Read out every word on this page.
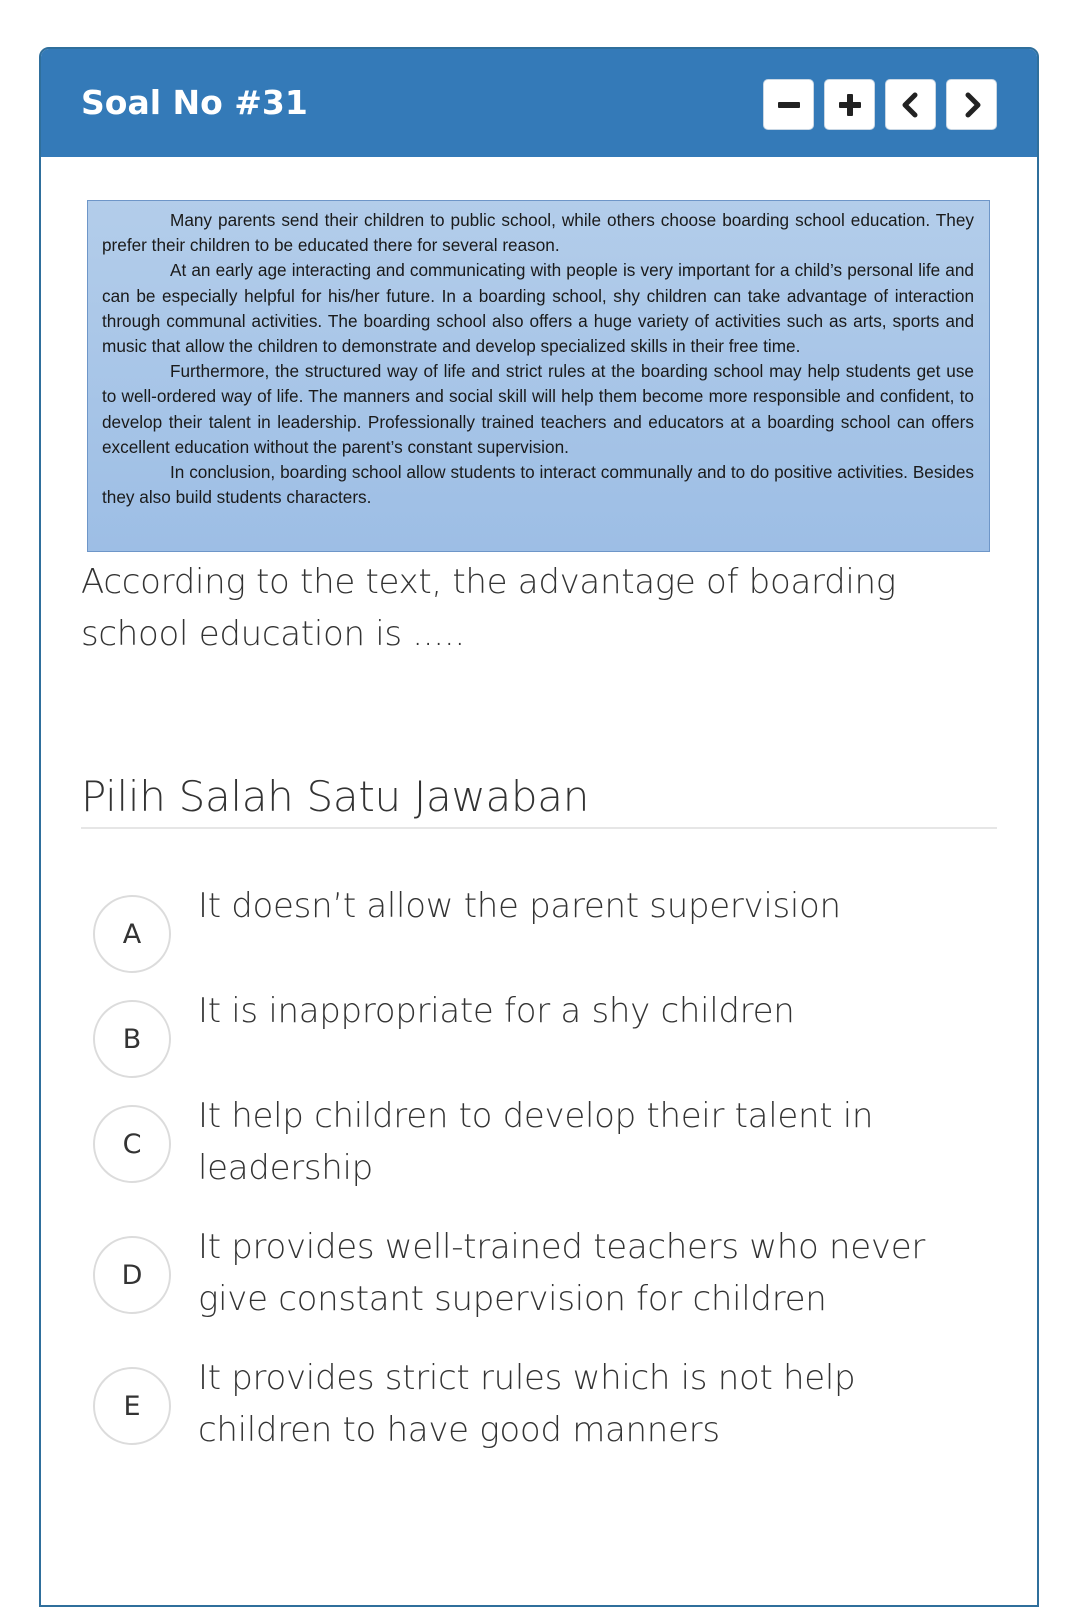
Soal No #31

Many parents send their children to public school, while others choose boarding school education. They prefer their children to be educated there for several reason.

At an early age interacting and communicating with people is very important for a child’s personal life and can be especially helpful for his/her future. In a boarding school, shy children can take advantage of interaction through communal activities. The boarding school also offers a huge variety of activities such as arts, sports and music that allow the children to demonstrate and develop specialized skills in their free time.

Furthermore, the structured way of life and strict rules at the boarding school may help students get use to well-ordered way of life. The manners and social skill will help them become more responsible and confident, to develop their talent in leadership. Professionally trained teachers and educators at a boarding school can offers excellent education without the parent’s constant supervision.

In conclusion, boarding school allow students to interact communally and to do positive activities. Besides they also build students characters.

According to the text, the advantage of boarding school education is .....

Pilih Salah Satu Jawaban
A
It doesn’t allow the parent supervision
B
It is inappropriate for a shy children
C
It help children to develop their talent in leadership
D
It provides well-trained teachers who never give constant supervision for children
E
It provides strict rules which is not help children to have good manners
